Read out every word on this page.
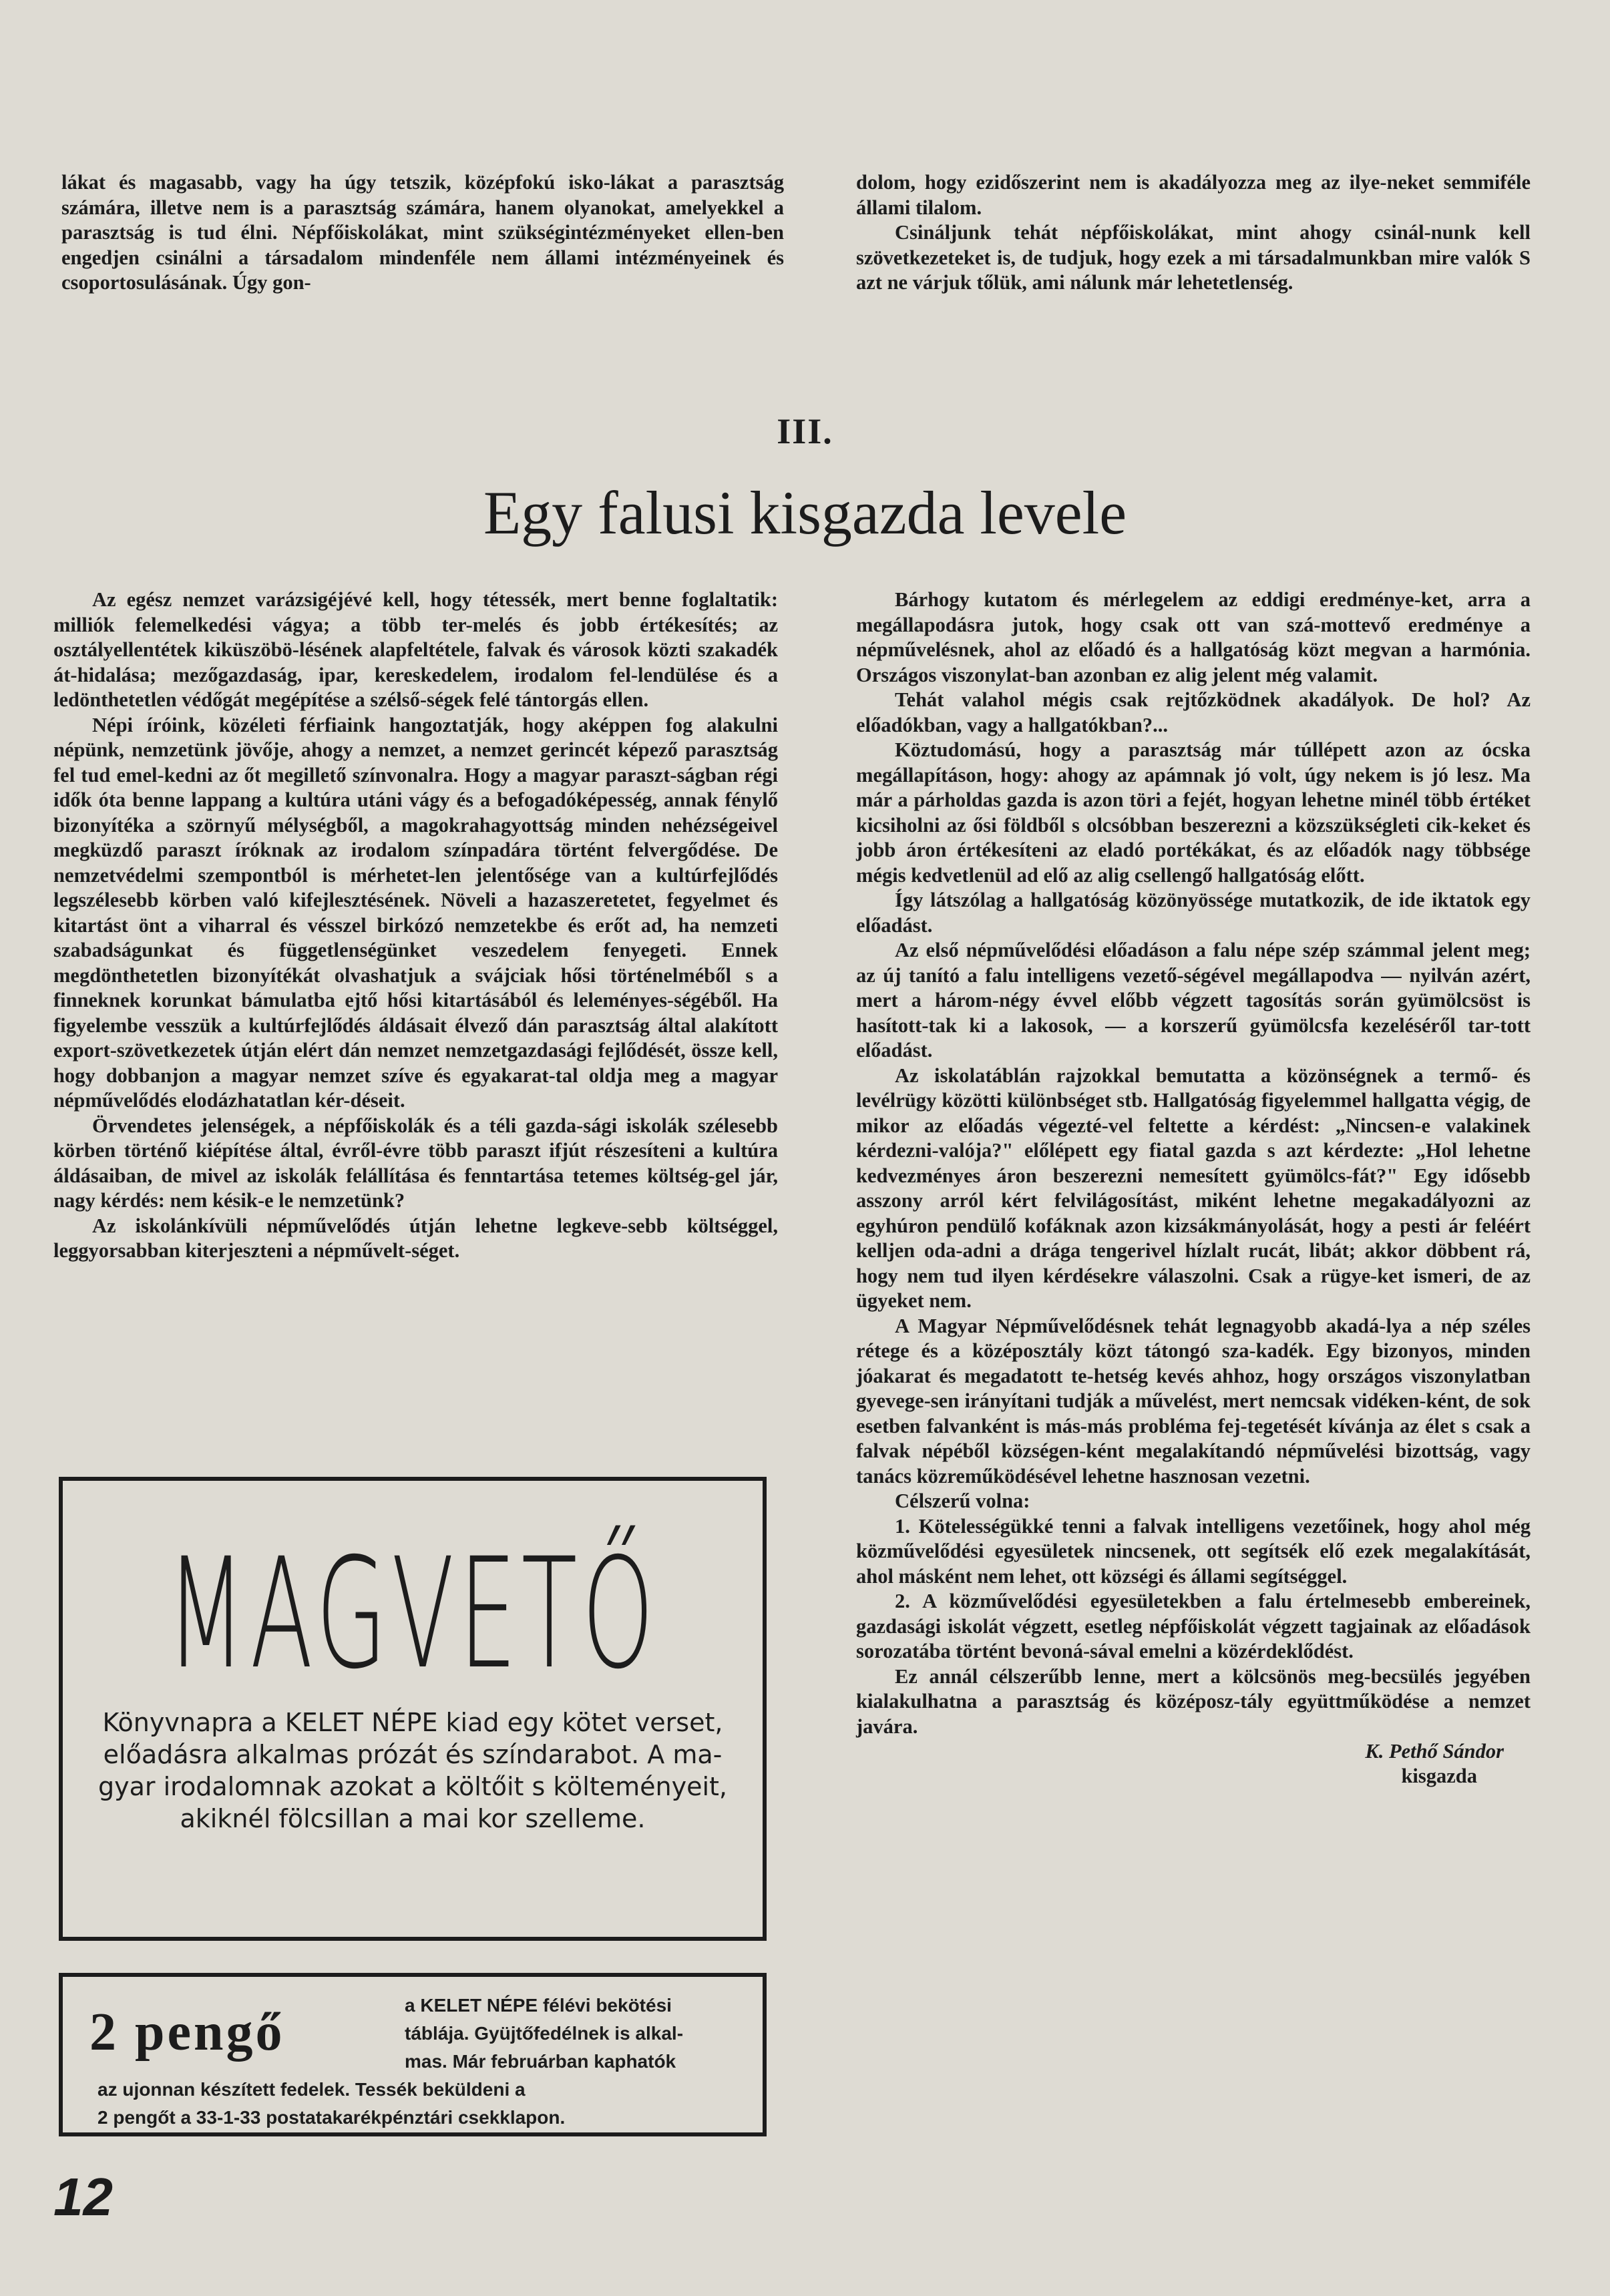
lákat és magasabb, vagy ha úgy tetszik, középfokú isko-lákat a parasztság számára, illetve nem is a parasztság számára, hanem olyanokat, amelyekkel a parasztság is tud élni. Népfőiskolákat, mint szükségintézményeket ellen-ben engedjen csinálni a társadalom mindenféle nem állami intézményeinek és csoportosulásának. Úgy gon-

dolom, hogy ezidőszerint nem is akadályozza meg az ilye-neket semmiféle állami tilalom.

Csináljunk tehát népfőiskolákat, mint ahogy csinál-nunk kell szövetkezeteket is, de tudjuk, hogy ezek a mi társadalmunkban mire valók S azt ne várjuk tőlük, ami nálunk már lehetetlenség.

III.
Egy falusi kisgazda levele

Az egész nemzet varázsigéjévé kell, hogy tétessék, mert benne foglaltatik: milliók felemelkedési vágya; a több ter-melés és jobb értékesítés; az osztályellentétek kiküszöbö-lésének alapfeltétele, falvak és városok közti szakadék át-hidalása; mezőgazdaság, ipar, kereskedelem, irodalom fel-lendülése és a ledönthetetlen védőgát megépítése a szélső-ségek felé tántorgás ellen.

Népi íróink, közéleti férfiaink hangoztatják, hogy aképpen fog alakulni népünk, nemzetünk jövője, ahogy a nemzet, a nemzet gerincét képező parasztság fel tud emel-kedni az őt megillető színvonalra. Hogy a magyar paraszt-ságban régi idők óta benne lappang a kultúra utáni vágy és a befogadóképesség, annak fénylő bizonyítéka a szörnyű mélységből, a magokrahagyottság minden nehézségeivel megküzdő paraszt íróknak az irodalom színpadára történt felvergődése. De nemzetvédelmi szempontból is mérhetet-len jelentősége van a kultúrfejlődés legszélesebb körben való kifejlesztésének. Növeli a hazaszeretetet, fegyelmet és kitartást önt a viharral és vésszel birkózó nemzetekbe és erőt ad, ha nemzeti szabadságunkat és függetlenségünket veszedelem fenyegeti. Ennek megdönthetetlen bizonyítékát olvashatjuk a svájciak hősi történelméből s a finneknek korunkat bámulatba ejtő hősi kitartásából és leleményes-ségéből. Ha figyelembe vesszük a kultúrfejlődés áldásait élvező dán parasztság által alakított export-szövetkezetek útján elért dán nemzet nemzetgazdasági fejlődését, össze kell, hogy dobbanjon a magyar nemzet szíve és egyakarat-tal oldja meg a magyar népművelődés elodázhatatlan kér-déseit.

Örvendetes jelenségek, a népfőiskolák és a téli gazda-sági iskolák szélesebb körben történő kiépítése által, évről-évre több paraszt ifjút részesíteni a kultúra áldásaiban, de mivel az iskolák felállítása és fenntartása tetemes költség-gel jár, nagy kérdés: nem késik-e le nemzetünk?

Az iskolánkívüli népművelődés útján lehetne legkeve-sebb költséggel, leggyorsabban kiterjeszteni a népművelt-séget.

Bárhogy kutatom és mérlegelem az eddigi eredménye-ket, arra a megállapodásra jutok, hogy csak ott van szá-mottevő eredménye a népművelésnek, ahol az előadó és a hallgatóság közt megvan a harmónia. Országos viszonylat-ban azonban ez alig jelent még valamit.

Tehát valahol mégis csak rejtőzködnek akadályok. De hol? Az előadókban, vagy a hallgatókban?...

Köztudomású, hogy a parasztság már túllépett azon az ócska megállapításon, hogy: ahogy az apámnak jó volt, úgy nekem is jó lesz. Ma már a párholdas gazda is azon töri a fejét, hogyan lehetne minél több értéket kicsiholni az ősi földből s olcsóbban beszerezni a közszükségleti cik-keket és jobb áron értékesíteni az eladó portékákat, és az előadók nagy többsége mégis kedvetlenül ad elő az alig csellengő hallgatóság előtt.

Így látszólag a hallgatóság közönyössége mutatkozik, de ide iktatok egy előadást.

Az első népművelődési előadáson a falu népe szép számmal jelent meg; az új tanító a falu intelligens vezető-ségével megállapodva — nyilván azért, mert a három-négy évvel előbb végzett tagosítás során gyümölcsöst is hasított-tak ki a lakosok, — a korszerű gyümölcsfa kezeléséről tar-tott előadást.

Az iskolatáblán rajzokkal bemutatta a közönségnek a termő- és levélrügy közötti különbséget stb. Hallgatóság figyelemmel hallgatta végig, de mikor az előadás végezté-vel feltette a kérdést: „Nincsen-e valakinek kérdezni-valója?" előlépett egy fiatal gazda s azt kérdezte: „Hol lehetne kedvezményes áron beszerezni nemesített gyümölcs-fát?" Egy idősebb asszony arról kért felvilágosítást, miként lehetne megakadályozni az egyhúron pendülő kofáknak azon kizsákmányolását, hogy a pesti ár feléért kelljen oda-adni a drága tengerivel hízlalt rucát, libát; akkor döbbent rá, hogy nem tud ilyen kérdésekre válaszolni. Csak a rügye-ket ismeri, de az ügyeket nem.

A Magyar Népművelődésnek tehát legnagyobb akadá-lya a nép széles rétege és a középosztály közt tátongó sza-kadék. Egy bizonyos, minden jóakarat és megadatott te-hetség kevés ahhoz, hogy országos viszonylatban gyevege-sen irányítani tudják a művelést, mert nemcsak vidéken-ként, de sok esetben falvanként is más-más probléma fej-tegetését kívánja az élet s csak a falvak népéből községen-ként megalakítandó népművelési bizottság, vagy tanács közreműködésével lehetne hasznosan vezetni.

Célszerű volna:

1. Kötelességükké tenni a falvak intelligens vezetőinek, hogy ahol még közművelődési egyesületek nincsenek, ott segítsék elő ezek megalakítását, ahol másként nem lehet, ott községi és állami segítséggel.

2. A közművelődési egyesületekben a falu értelmesebb embereinek, gazdasági iskolát végzett, esetleg népfőiskolát végzett tagjainak az előadások sorozatába történt bevoná-sával emelni a közérdeklődést.

Ez annál célszerűbb lenne, mert a kölcsönös meg-becsülés jegyében kialakulhatna a parasztság és középosz-tály együttműködése a nemzet javára.

K. Pethő Sándor
kisgazda
MAGVETŐ
Könyvnapra a KELET NÉPE kiad egy kötet verset, előadásra alkalmas prózát és színdarabot. A ma-gyar irodalomnak azokat a költőit s költeményeit, akiknél fölcsillan a mai kor szelleme.
2 pengő	a KELET NÉPE félévi bekötési
táblája. Gyüjtőfedélnek is alkal-
mas. Már februárban kaphatók
az ujonnan készített fedelek. Tessék beküldeni a
2 pengőt a 33-1-33 postatakarékpénztári csekklapon.
12
